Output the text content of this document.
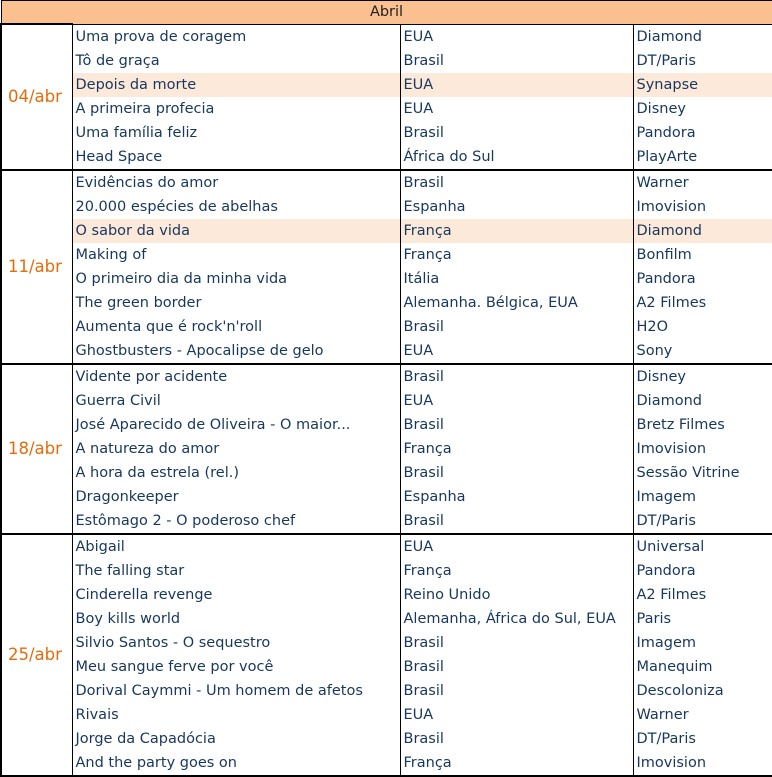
Abril			
04/abr	Uma prova de coragem	EUA	Diamond
	Tô de graça	Brasil	DT/Paris
	Depois da morte	EUA	Synapse
	A primeira profecia	EUA	Disney
	Uma família feliz	Brasil	Pandora
	Head Space	África do Sul	PlayArte
11/abr	Evidências do amor	Brasil	Warner
	20.000 espécies de abelhas	Espanha	Imovision
	O sabor da vida	França	Diamond
	Making of	França	Bonfilm
	O primeiro dia da minha vida	Itália	Pandora
	The green border	Alemanha. Bélgica, EUA	A2 Filmes
	Aumenta que é rock'n'roll	Brasil	H2O
	Ghostbusters - Apocalipse de gelo	EUA	Sony
18/abr	Vidente por acidente	Brasil	Disney
	Guerra Civil	EUA	Diamond
	José Aparecido de Oliveira - O maior...	Brasil	Bretz Filmes
	A natureza do amor	França	Imovision
	A hora da estrela (rel.)	Brasil	Sessão Vitrine
	Dragonkeeper	Espanha	Imagem
	Estômago 2 - O poderoso chef	Brasil	DT/Paris
25/abr	Abigail	EUA	Universal
	The falling star	França	Pandora
	Cinderella revenge	Reino Unido	A2 Filmes
	Boy kills world	Alemanha, África do Sul, EUA	Paris
	Silvio Santos - O sequestro	Brasil	Imagem
	Meu sangue ferve por você	Brasil	Manequim
	Dorival Caymmi - Um homem de afetos	Brasil	Descoloniza
	Rivais	EUA	Warner
	Jorge da Capadócia	Brasil	DT/Paris
	And the party goes on	França	Imovision
